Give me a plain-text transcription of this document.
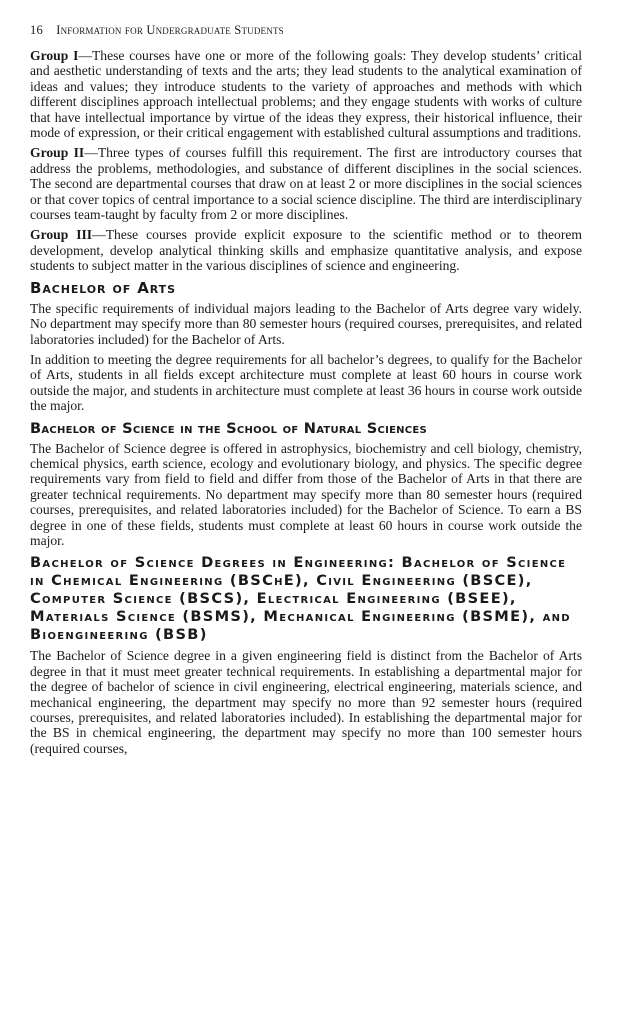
16 Information for Undergraduate Students

Group I—These courses have one or more of the following goals: They develop students’ critical and aesthetic understanding of texts and the arts; they lead students to the analytical examination of ideas and values; they introduce students to the variety of approaches and methods with which different disciplines approach intellectual problems; and they engage students with works of culture that have intellectual importance by virtue of the ideas they express, their historical influence, their mode of expression, or their critical engagement with established cultural assumptions and traditions.

Group II—Three types of courses fulfill this requirement. The first are introductory courses that address the problems, methodologies, and substance of different disciplines in the social sciences. The second are departmental courses that draw on at least 2 or more disciplines in the social sciences or that cover topics of central importance to a social science discipline. The third are interdisciplinary courses team-taught by faculty from 2 or more disciplines.

Group III—These courses provide explicit exposure to the scientific method or to theorem development, develop analytical thinking skills and emphasize quantitative analysis, and expose students to subject matter in the various disciplines of science and engineering.

Bachelor of Arts

The specific requirements of individual majors leading to the Bachelor of Arts degree vary widely. No department may specify more than 80 semester hours (required courses, prerequisites, and related laboratories included) for the Bachelor of Arts.

In addition to meeting the degree requirements for all bachelor’s degrees, to qualify for the Bachelor of Arts, students in all fields except architecture must complete at least 60 hours in course work outside the major, and students in architecture must complete at least 36 hours in course work outside the major.

Bachelor of Science in the School of Natural Sciences

The Bachelor of Science degree is offered in astrophysics, biochemistry and cell biology, chemistry, chemical physics, earth science, ecology and evolutionary biology, and physics. The specific degree requirements vary from field to field and differ from those of the Bachelor of Arts in that there are greater technical requirements. No department may specify more than 80 semester hours (required courses, prerequisites, and related laboratories included) for the Bachelor of Science. To earn a BS degree in one of these fields, students must complete at least 60 hours in course work outside the major.

Bachelor of Science Degrees in Engineering: Bachelor of Science in Chemical Engineering (BSChE), Civil Engineering (BSCE), Computer Science (BSCS), Electrical Engineering (BSEE), Materials Science (BSMS), Mechanical Engineering (BSME), and Bioengineering (BSB)

The Bachelor of Science degree in a given engineering field is distinct from the Bachelor of Arts degree in that it must meet greater technical requirements. In establishing a departmental major for the degree of bachelor of science in civil engineering, electrical engineering, materials science, and mechanical engineering, the department may specify no more than 92 semester hours (required courses, prerequisites, and related laboratories included). In establishing the departmental major for the BS in chemical engineering, the department may specify no more than 100 semester hours (required courses,
